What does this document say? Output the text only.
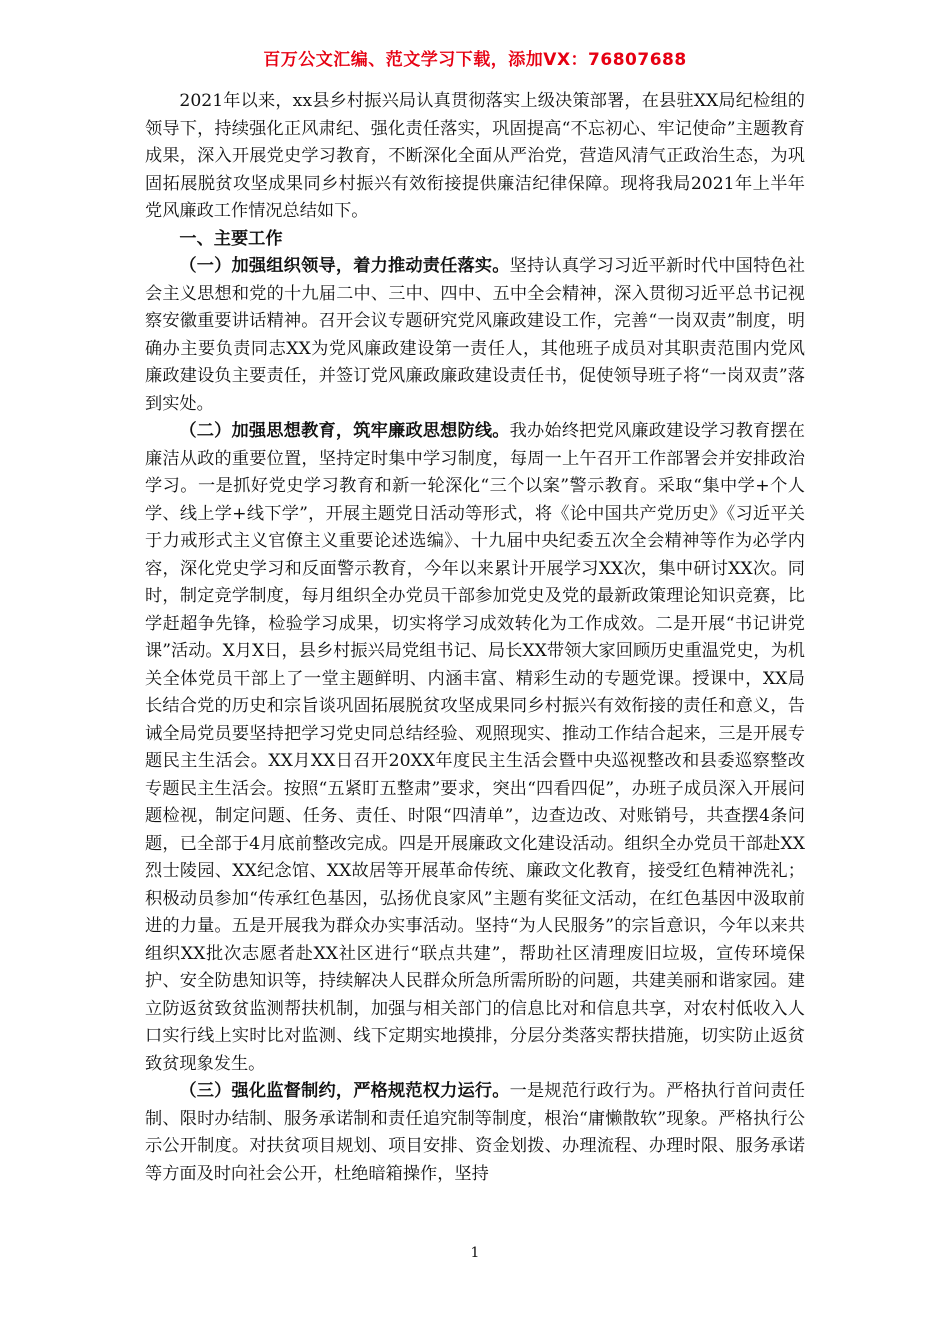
百万公文汇编、范文学习下载，添加VX：76807688

2021年以来，xx县乡村振兴局认真贯彻落实上级决策部署，在县驻XX局纪检组的领导下，持续强化正风肃纪、强化责任落实，巩固提高“不忘初心、牢记使命”主题教育成果，深入开展党史学习教育，不断深化全面从严治党，营造风清气正政治生态，为巩固拓展脱贫攻坚成果同乡村振兴有效衔接提供廉洁纪律保障。现将我局2021年上半年党风廉政工作情况总结如下。

一、主要工作

（一）加强组织领导，着力推动责任落实。坚持认真学习习近平新时代中国特色社会主义思想和党的十九届二中、三中、四中、五中全会精神，深入贯彻习近平总书记视察安徽重要讲话精神。召开会议专题研究党风廉政建设工作，完善“一岗双责”制度，明确办主要负责同志XX为党风廉政建设第一责任人，其他班子成员对其职责范围内党风廉政建设负主要责任，并签订党风廉政廉政建设责任书，促使领导班子将“一岗双责”落到实处。

（二）加强思想教育，筑牢廉政思想防线。我办始终把党风廉政建设学习教育摆在廉洁从政的重要位置，坚持定时集中学习制度，每周一上午召开工作部署会并安排政治学习。一是抓好党史学习教育和新一轮深化“三个以案”警示教育。采取“集中学+个人学、线上学+线下学”，开展主题党日活动等形式，将《论中国共产党历史》《习近平关于力戒形式主义官僚主义重要论述选编》、十九届中央纪委五次全会精神等作为必学内容，深化党史学习和反面警示教育，今年以来累计开展学习XX次，集中研讨XX次。同时，制定竞学制度，每月组织全办党员干部参加党史及党的最新政策理论知识竞赛，比学赶超争先锋，检验学习成果，切实将学习成效转化为工作成效。二是开展“书记讲党课”活动。X月X日，县乡村振兴局党组书记、局长XX带领大家回顾历史重温党史，为机关全体党员干部上了一堂主题鲜明、内涵丰富、精彩生动的专题党课。授课中，XX局长结合党的历史和宗旨谈巩固拓展脱贫攻坚成果同乡村振兴有效衔接的责任和意义，告诫全局党员要坚持把学习党史同总结经验、观照现实、推动工作结合起来，三是开展专题民主生活会。XX月XX日召开20XX年度民主生活会暨中央巡视整改和县委巡察整改专题民主生活会。按照“五紧盯五整肃”要求，突出“四看四促”，办班子成员深入开展问题检视，制定问题、任务、责任、时限“四清单”，边查边改、对账销号，共查摆4条问题，已全部于4月底前整改完成。四是开展廉政文化建设活动。组织全办党员干部赴XX烈士陵园、XX纪念馆、XX故居等开展革命传统、廉政文化教育，接受红色精神洗礼；积极动员参加“传承红色基因，弘扬优良家风”主题有奖征文活动，在红色基因中汲取前进的力量。五是开展我为群众办实事活动。坚持“为人民服务”的宗旨意识，今年以来共组织XX批次志愿者赴XX社区进行“联点共建”，帮助社区清理废旧垃圾，宣传环境保护、安全防患知识等，持续解决人民群众所急所需所盼的问题，共建美丽和谐家园。建立防返贫致贫监测帮扶机制，加强与相关部门的信息比对和信息共享，对农村低收入人口实行线上实时比对监测、线下定期实地摸排，分层分类落实帮扶措施，切实防止返贫致贫现象发生。

（三）强化监督制约，严格规范权力运行。一是规范行政行为。严格执行首问责任制、限时办结制、服务承诺制和责任追究制等制度，根治“庸懒散软”现象。严格执行公示公开制度。对扶贫项目规划、项目安排、资金划拨、办理流程、办理时限、服务承诺等方面及时向社会公开，杜绝暗箱操作，坚持

1
